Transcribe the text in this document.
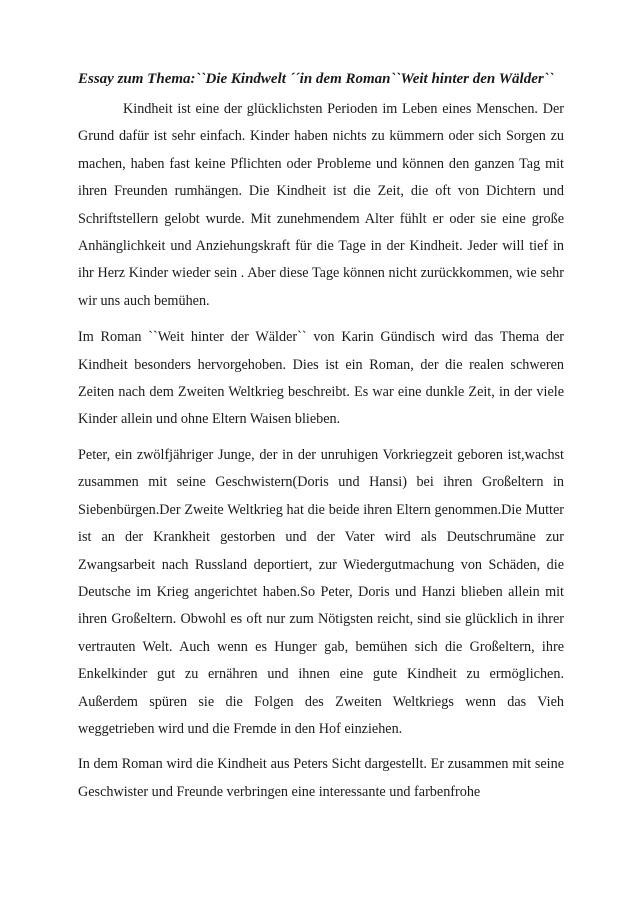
Essay zum Thema:``Die Kindwelt ´´in dem Roman``Weit hinter den Wälder``

Kindheit ist eine der glücklichsten Perioden im Leben eines Menschen. Der Grund dafür ist sehr einfach. Kinder haben nichts zu kümmern oder sich Sorgen zu machen, haben fast keine Pflichten oder Probleme und können den ganzen Tag mit ihren Freunden rumhängen. Die Kindheit ist die Zeit, die oft von Dichtern und Schriftstellern gelobt wurde. Mit zunehmendem Alter fühlt er oder sie eine große Anhänglichkeit und Anziehungskraft für die Tage in der Kindheit. Jeder will tief in ihr Herz Kinder wieder sein . Aber diese Tage können nicht zurückkommen, wie sehr wir uns auch bemühen.

Im Roman ``Weit hinter der Wälder`` von Karin Gündisch wird das Thema der Kindheit besonders hervorgehoben. Dies ist ein Roman, der die realen schweren Zeiten nach dem Zweiten Weltkrieg beschreibt. Es war eine dunkle Zeit, in der viele Kinder allein und ohne Eltern Waisen blieben.

Peter, ein zwölfjähriger Junge, der in der unruhigen Vorkriegzeit geboren ist,wachst zusammen mit seine Geschwistern(Doris und Hansi) bei ihren Großeltern in Siebenbürgen.Der Zweite Weltkrieg hat die beide ihren Eltern genommen.Die Mutter ist an der Krankheit gestorben und der Vater wird als Deutschrumäne zur Zwangsarbeit nach Russland deportiert, zur Wiedergutmachung von Schäden, die Deutsche im Krieg angerichtet haben.So Peter, Doris und Hanzi blieben allein mit ihren Großeltern. Obwohl es oft nur zum Nötigsten reicht, sind sie glücklich in ihrer vertrauten Welt. Auch wenn es Hunger gab, bemühen sich die Großeltern, ihre Enkelkinder gut zu ernähren und ihnen eine gute Kindheit zu ermöglichen. Außerdem spüren sie die Folgen des Zweiten Weltkriegs wenn das Vieh weggetrieben wird und die Fremde in den Hof einziehen.

In dem Roman wird die Kindheit aus Peters Sicht dargestellt. Er zusammen mit seine Geschwister und Freunde verbringen eine interessante und farbenfrohe
